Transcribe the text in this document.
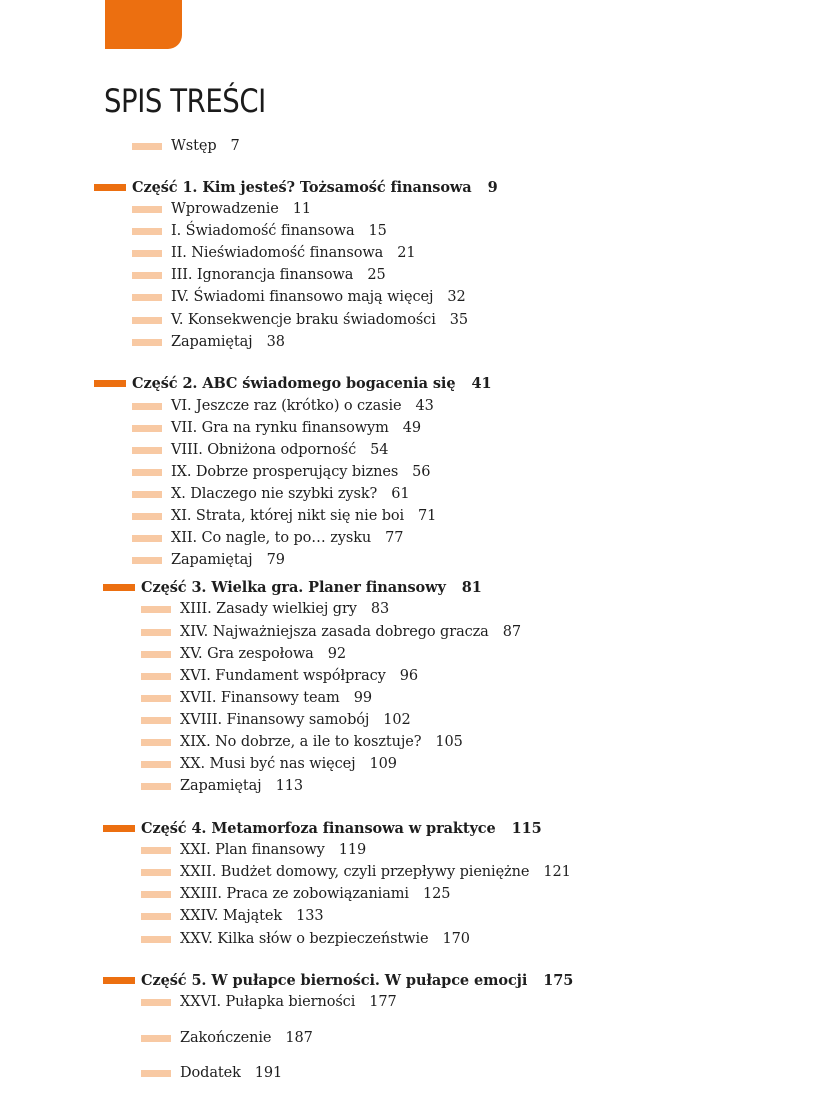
SPIS TREŚCI
Wstęp 7
Część 1. Kim jesteś? Tożsamość finansowa 9
Wprowadzenie 11
I. Świadomość finansowa 15
II. Nieświadomość finansowa 21
III. Ignorancja finansowa 25
IV. Świadomi finansowo mają więcej 32
V. Konsekwencje braku świadomości 35
Zapamiętaj 38
Część 2. ABC świadomego bogacenia się 41
VI. Jeszcze raz (krótko) o czasie 43
VII. Gra na rynku finansowym 49
VIII. Obniżona odporność 54
IX. Dobrze prosperujący biznes 56
X. Dlaczego nie szybki zysk? 61
XI. Strata, której nikt się nie boi 71
XII. Co nagle, to po… zysku 77
Zapamiętaj 79
Część 3. Wielka gra. Planer finansowy 81
XIII. Zasady wielkiej gry 83
XIV. Najważniejsza zasada dobrego gracza 87
XV. Gra zespołowa 92
XVI. Fundament współpracy 96
XVII. Finansowy team 99
XVIII. Finansowy samobój 102
XIX. No dobrze, a ile to kosztuje? 105
XX. Musi być nas więcej 109
Zapamiętaj 113
Część 4. Metamorfoza finansowa w praktyce 115
XXI. Plan finansowy 119
XXII. Budżet domowy, czyli przepływy pieniężne 121
XXIII. Praca ze zobowiązaniami 125
XXIV. Majątek 133
XXV. Kilka słów o bezpieczeństwie 170
Część 5. W pułapce bierności. W pułapce emocji 175
XXVI. Pułapka bierności 177
Zakończenie 187
Dodatek 191
